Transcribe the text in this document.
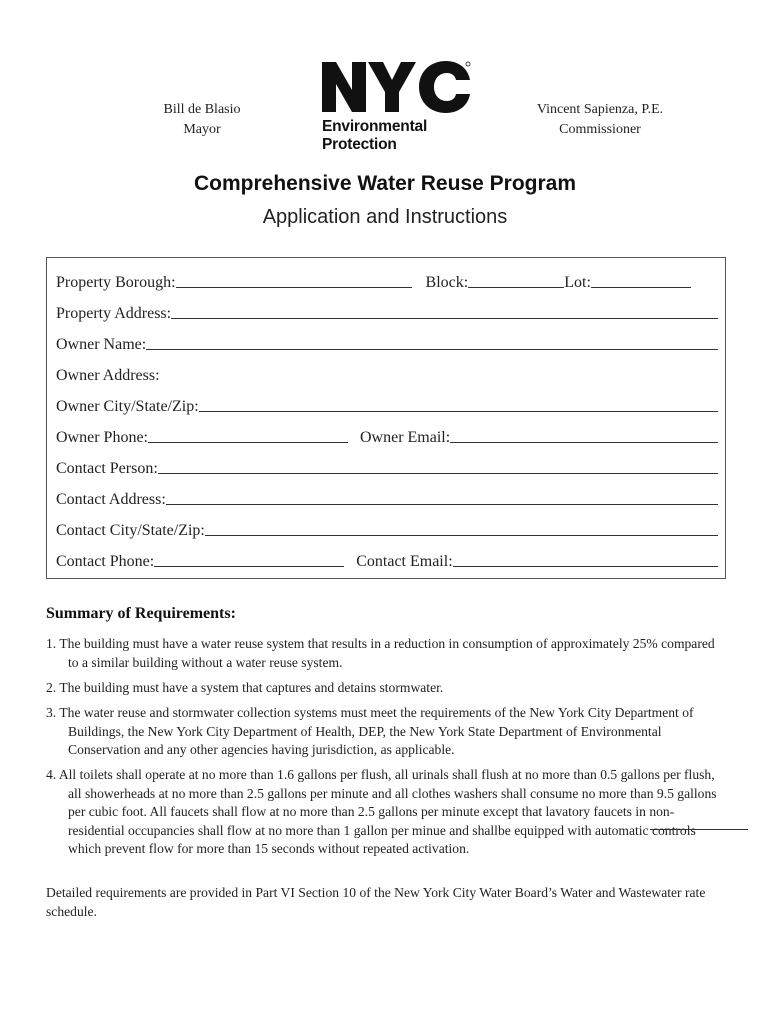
Bill de Blasio
Mayor
Vincent Sapienza, P.E.
Commissioner
Environmental
Protection
Comprehensive Water Reuse Program
Application and Instructions
Property Borough:	Block:	Lot:
Property Address:
Owner Name:
Owner Address:
Owner City/State/Zip:
Owner Phone:	Owner Email:
Contact Person:
Contact Address:
Contact City/State/Zip:
Contact Phone:	Contact Email:
Summary of Requirements:

1. The building must have a water reuse system that results in a reduction in consumption of approximately 25% compared to a similar building without a water reuse system.

2. The building must have a system that captures and detains stormwater.

3. The water reuse and stormwater collection systems must meet the requirements of the New York City Department of Buildings, the New York City Department of Health, DEP, the New York State Department of Environmental Conservation and any other agencies having jurisdiction, as applicable.

4. All toilets shall operate at no more than 1.6 gallons per flush, all urinals shall flush at no more than 0.5 gallons per flush, all showerheads at no more than 2.5 gallons per minute and all clothes washers shall consume no more than 9.5 gallons per cubic foot. All faucets shall flow at no more than 2.5 gallons per minute except that lavatory faucets in non-residential occupancies shall flow at no more than 1 gallon per minue and shallbe equipped with automatic controls which prevent flow for more than 15 seconds without repeated activation.

Detailed requirements are provided in Part VI Section 10 of the New York City Water Board’s Water and Wastewater rate schedule.
